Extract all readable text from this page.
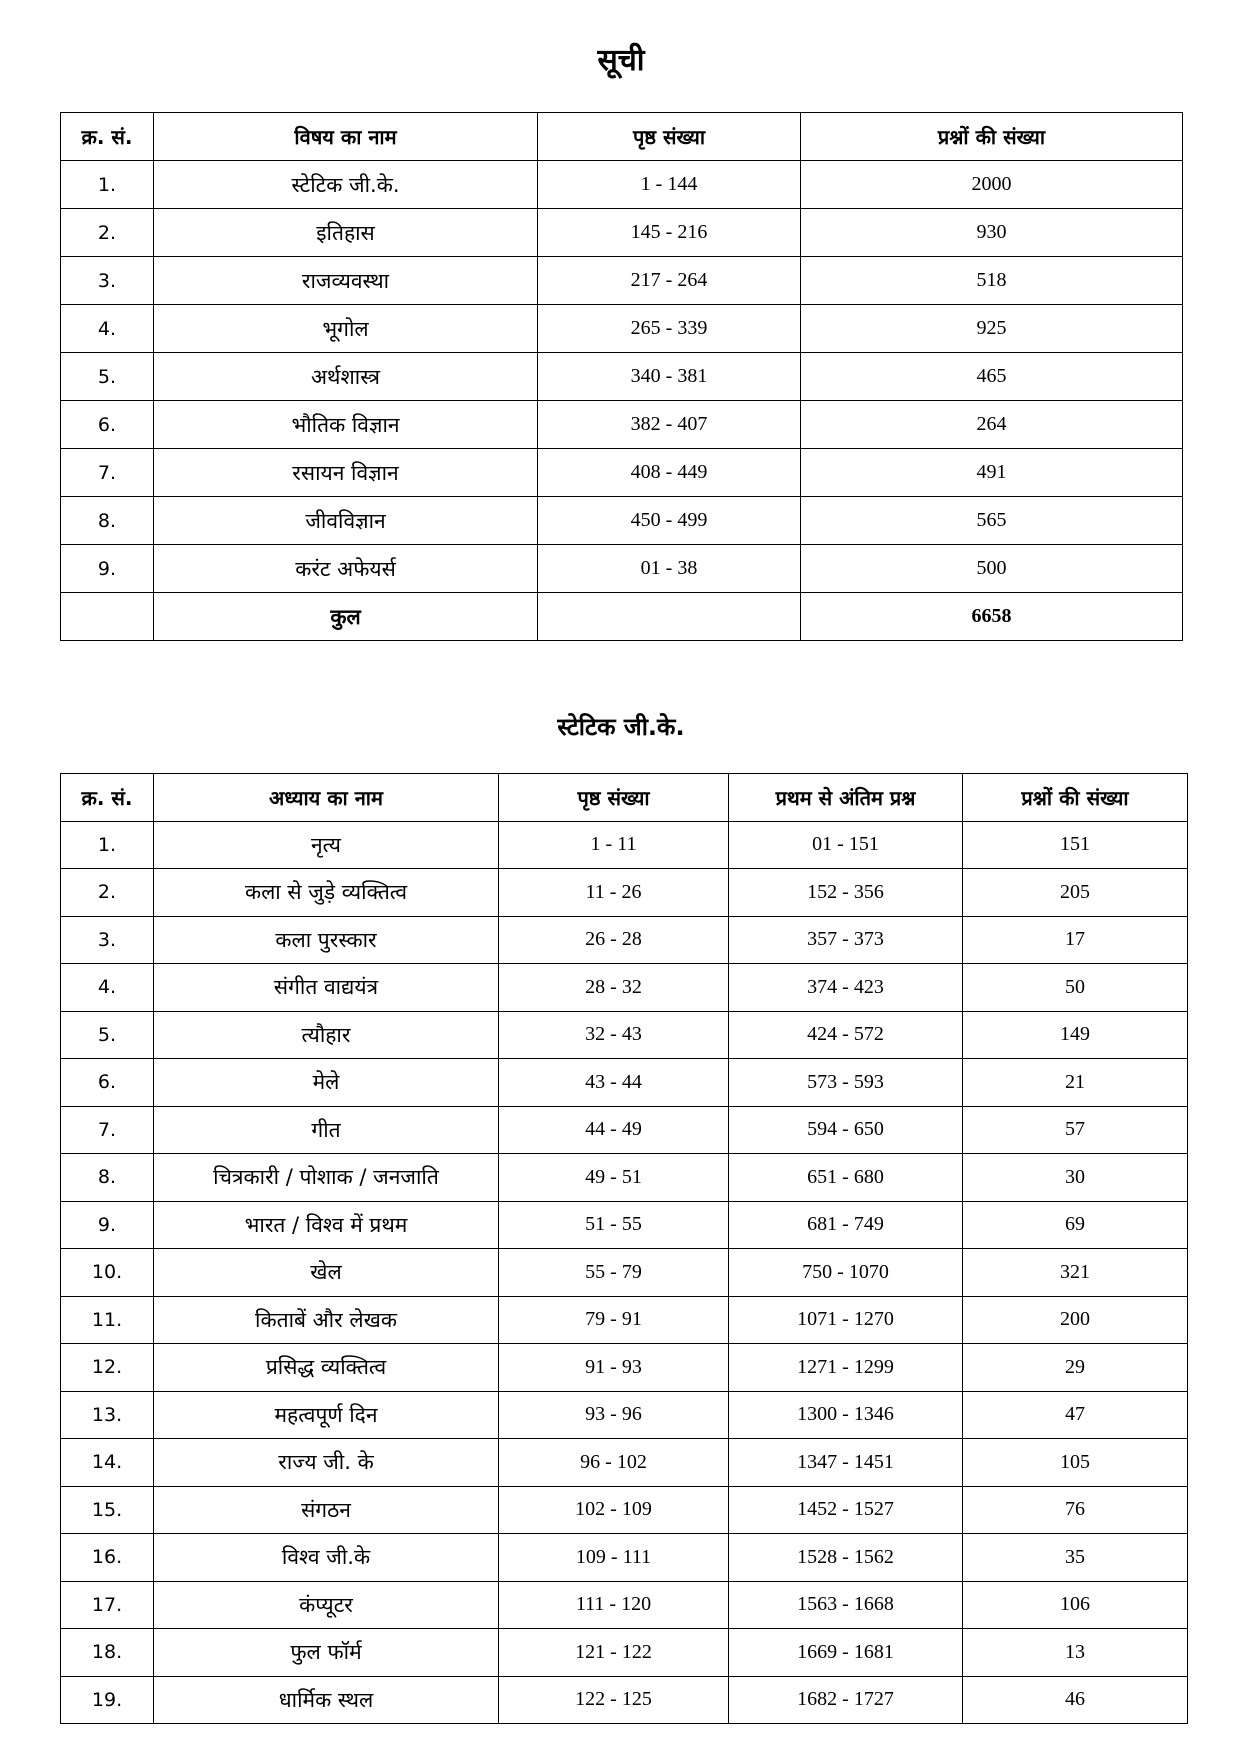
सूची
क्र. सं.	विषय का नाम	पृष्ठ संख्या	प्रश्नों की संख्या
1.	स्टेटिक जी.के.	1 - 144	2000
2.	इतिहास	145 - 216	930
3.	राजव्यवस्था	217 - 264	518
4.	भूगोल	265 - 339	925
5.	अर्थशास्त्र	340 - 381	465
6.	भौतिक विज्ञान	382 - 407	264
7.	रसायन विज्ञान	408 - 449	491
8.	जीवविज्ञान	450 - 499	565
9.	करंट अफेयर्स	01 - 38	500
	कुल		6658
स्टेटिक जी.के.
क्र. सं.	अध्याय का नाम	पृष्ठ संख्या	प्रथम से अंतिम प्रश्न	प्रश्नों की संख्या
1.	नृत्य	1 - 11	01 - 151	151
2.	कला से जुड़े व्यक्तित्व	11 - 26	152 - 356	205
3.	कला पुरस्कार	26 - 28	357 - 373	17
4.	संगीत वाद्ययंत्र	28 - 32	374 - 423	50
5.	त्यौहार	32 - 43	424 - 572	149
6.	मेले	43 - 44	573 - 593	21
7.	गीत	44 - 49	594 - 650	57
8.	चित्रकारी / पोशाक / जनजाति	49 - 51	651 - 680	30
9.	भारत / विश्व में प्रथम	51 - 55	681 - 749	69
10.	खेल	55 - 79	750 - 1070	321
11.	किताबें और लेखक	79 - 91	1071 - 1270	200
12.	प्रसिद्ध व्यक्तित्व	91 - 93	1271 - 1299	29
13.	महत्वपूर्ण दिन	93 - 96	1300 - 1346	47
14.	राज्य जी. के	96 - 102	1347 - 1451	105
15.	संगठन	102 - 109	1452 - 1527	76
16.	विश्व जी.के	109 - 111	1528 - 1562	35
17.	कंप्यूटर	111 - 120	1563 - 1668	106
18.	फुल फॉर्म	121 - 122	1669 - 1681	13
19.	धार्मिक स्थल	122 - 125	1682 - 1727	46
